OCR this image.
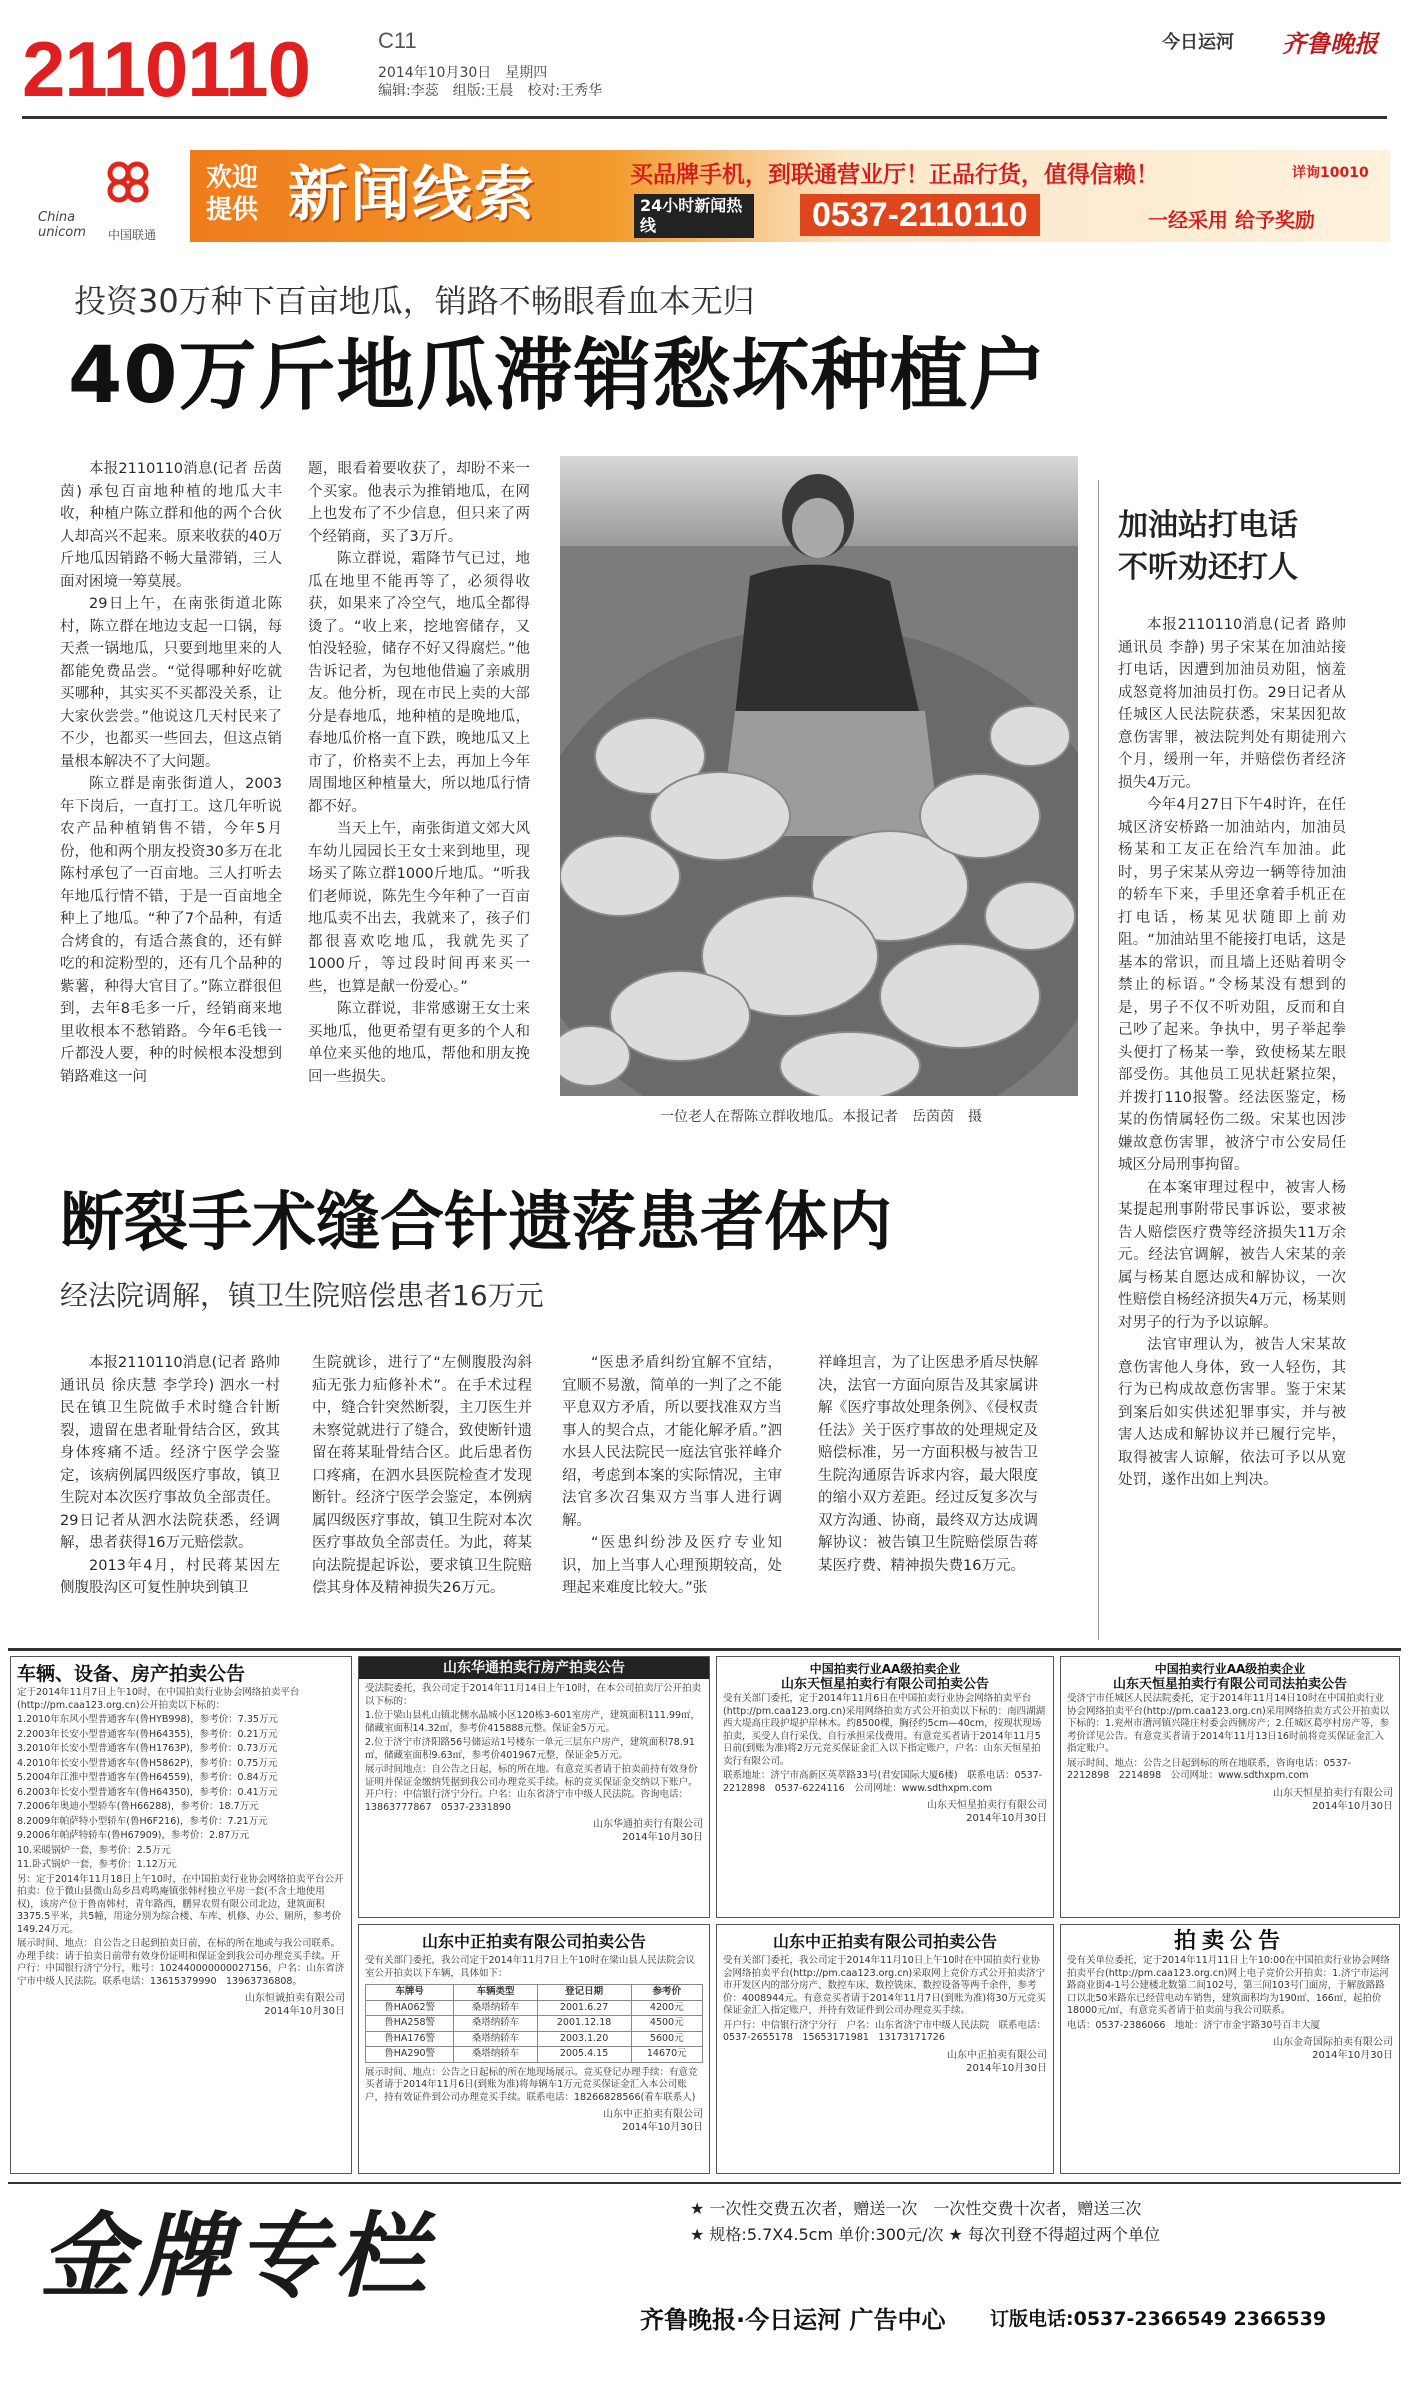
2110110	C11
2014年10月30日　星期四
编辑:李蕊　组版:王晨　校对:王秀华
今日运河 齐鲁晚报
China unicom	中国联通
欢迎提供 新闻线索	买品牌手机，到联通营业厅！正品行货，值得信赖！	详询10010
24小时新闻热线	0537-2110110	一经采用 给予奖励
投资30万种下百亩地瓜，销路不畅眼看血本无归
40万斤地瓜滞销愁坏种植户

本报2110110消息(记者 岳茵茵) 承包百亩地种植的地瓜大丰收，种植户陈立群和他的两个合伙人却高兴不起来。原来收获的40万斤地瓜因销路不畅大量滞销，三人面对困境一筹莫展。

29日上午，在南张街道北陈村，陈立群在地边支起一口锅，每天煮一锅地瓜，只要到地里来的人都能免费品尝。“觉得哪种好吃就买哪种，其实买不买都没关系，让大家伙尝尝。”他说这几天村民来了不少，也都买一些回去，但这点销量根本解决不了大问题。

陈立群是南张街道人，2003年下岗后，一直打工。这几年听说农产品种植销售不错，今年5月份，他和两个朋友投资30多万在北陈村承包了一百亩地。三人打听去年地瓜行情不错，于是一百亩地全种上了地瓜。“种了7个品种，有适合烤食的，有适合蒸食的，还有鲜吃的和淀粉型的，还有几个品种的紫薯，种得大官目了。”陈立群很但到，去年8毛多一斤，经销商来地里收根本不愁销路。今年6毛钱一斤都没人要，种的时候根本没想到销路难这一问

题，眼看着要收获了，却盼不来一个买家。他表示为推销地瓜，在网上也发布了不少信息，但只来了两个经销商，买了3万斤。

陈立群说，霜降节气已过，地瓜在地里不能再等了，必须得收获，如果来了冷空气，地瓜全都得烫了。“收上来，挖地窖储存，又怕没轻验，储存不好又得腐烂。”他告诉记者，为包地他借遍了亲戚朋友。他分析，现在市民上卖的大部分是春地瓜，地种植的是晚地瓜，春地瓜价格一直下跌，晚地瓜又上市了，价格卖不上去，再加上今年周围地区种植量大，所以地瓜行情都不好。

当天上午，南张街道文郊大风车幼儿园园长王女士来到地里，现场买了陈立群1000斤地瓜。“听我们老师说，陈先生今年种了一百亩地瓜卖不出去，我就来了，孩子们都很喜欢吃地瓜，我就先买了1000斤，等过段时间再来买一些，也算是献一份爱心。”

陈立群说，非常感谢王女士来买地瓜，他更希望有更多的个人和单位来买他的地瓜，帮他和朋友挽回一些损失。

一位老人在帮陈立群收地瓜。本报记者　岳茵茵　摄
加油站打电话
不听劝还打人

本报2110110消息(记者 路帅 通讯员 李静) 男子宋某在加油站接打电话，因遭到加油员劝阻，恼羞成怒竟将加油员打伤。29日记者从任城区人民法院获悉，宋某因犯故意伤害罪，被法院判处有期徒刑六个月，缓刑一年，并赔偿伤者经济损失4万元。

今年4月27日下午4时许，在任城区济安桥路一加油站内，加油员杨某和工友正在给汽车加油。此时，男子宋某从旁边一辆等待加油的轿车下来，手里还拿着手机正在打电话，杨某见状随即上前劝阻。“加油站里不能接打电话，这是基本的常识，而且墙上还贴着明令禁止的标语。”令杨某没有想到的是，男子不仅不听劝阻，反而和自己吵了起来。争执中，男子举起拳头便打了杨某一拳，致使杨某左眼部受伤。其他员工见状赶紧拉架，并拨打110报警。经法医鉴定，杨某的伤情属轻伤二级。宋某也因涉嫌故意伤害罪，被济宁市公安局任城区分局刑事拘留。

在本案审理过程中，被害人杨某提起刑事附带民事诉讼，要求被告人赔偿医疗费等经济损失11万余元。经法官调解，被告人宋某的亲属与杨某自愿达成和解协议，一次性赔偿自杨经济损失4万元，杨某则对男子的行为予以谅解。

法官审理认为，被告人宋某故意伤害他人身体，致一人轻伤，其行为已构成故意伤害罪。鉴于宋某到案后如实供述犯罪事实，并与被害人达成和解协议并已履行完毕，取得被害人谅解，依法可予以从宽处罚，遂作出如上判决。

断裂手术缝合针遗落患者体内
经法院调解，镇卫生院赔偿患者16万元

本报2110110消息(记者 路帅 通讯员 徐庆慧 李学玲) 泗水一村民在镇卫生院做手术时缝合针断裂，遗留在患者耻骨结合区，致其身体疼痛不适。经济宁医学会鉴定，该病例属四级医疗事故，镇卫生院对本次医疗事故负全部责任。29日记者从泗水法院获悉，经调解，患者获得16万元赔偿款。

2013年4月，村民蒋某因左侧腹股沟区可复性肿块到镇卫

生院就诊，进行了“左侧腹股沟斜疝无张力疝修补术”。在手术过程中，缝合针突然断裂，主刀医生并未察觉就进行了缝合，致使断针遗留在蒋某耻骨结合区。此后患者伤口疼痛，在泗水县医院检查才发现断针。经济宁医学会鉴定，本例病属四级医疗事故，镇卫生院对本次医疗事故负全部责任。为此，蒋某向法院提起诉讼，要求镇卫生院赔偿其身体及精神损失26万元。

“医患矛盾纠纷宜解不宜结，宜顺不易激，简单的一判了之不能平息双方矛盾，所以要找准双方当事人的契合点，才能化解矛盾。”泗水县人民法院民一庭法官张祥峰介绍，考虑到本案的实际情况，主审法官多次召集双方当事人进行调解。

“医患纠纷涉及医疗专业知识，加上当事人心理预期较高，处理起来难度比较大。”张

祥峰坦言，为了让医患矛盾尽快解决，法官一方面向原告及其家属讲解《医疗事故处理条例》、《侵权责任法》关于医疗事故的处理规定及赔偿标准，另一方面积极与被告卫生院沟通原告诉求内容，最大限度的缩小双方差距。经过反复多次与双方沟通、协商，最终双方达成调解协议：被告镇卫生院赔偿原告蒋某医疗费、精神损失费16万元。

车辆、设备、房产拍卖公告

定于2014年11月7日上午10时，在中国拍卖行业协会网络拍卖平台(http://pm.caa123.org.cn)公开拍卖以下标的：

1.2010年东风小型普通客车(鲁HYB998)，参考价：7.35万元

2.2003年长安小型普通客车(鲁H64355)，参考价：0.21万元

3.2010年长安小型普通客车(鲁H1763P)，参考价：0.73万元

4.2010年长安小型普通客车(鲁H5862P)，参考价：0.75万元

5.2004年江淮中型普通客车(鲁H64559)，参考价：0.84万元

6.2003年长安小型普通客车(鲁H64350)，参考价：0.41万元

7.2006年奥迪小型轿车(鲁H66288)，参考价：18.7万元

8.2009年帕萨特小型轿车(鲁H6F216)，参考价：7.21万元

9.2006年帕萨特轿车(鲁H67909)，参考价：2.87万元

10.采暖锅炉一套，参考价：2.5万元

11.卧式锅炉一套，参考价：1.12万元

另：定于2014年11月18日上午10时，在中国拍卖行业协会网络拍卖平台公开拍卖：位于微山县微山岛乡昌鸡鸣庵镇张韩村独立平房一套(不含土地使用权)，该房产位于鲁南韩村，青年路西，鹏昇农贸有限公司北边，建筑面积3375.5平米，共5幢，用途分别为综合楼、车库、机修、办公、厕所，参考价149.24万元。

展示时间、地点：自公告之日起到拍卖日前，在标的所在地或与我公司联系。办理手续：请于拍卖日前带有效身份证明和保证金到我公司办理竞买手续。开户行：中国银行济宁分行，账号：102440000000027156，户名：山东省济宁市中级人民法院。联系电话：13615379990　13963736808。

山东恒诚拍卖有限公司
2014年10月30日
山东华通拍卖行房产拍卖公告

受法院委托，我公司定于2014年11月14日上午10时，在本公司拍卖厅公开拍卖以下标的：

1.位于梁山县札山镇北侧水晶城小区120栋3-601室房产，建筑面积111.99㎡，储藏室面积14.32㎡，参考价415888元整。保证金5万元。

2.位于济宁市济阳路56号储运站1号楼东一单元三层东户房产，建筑面积78.91㎡，储藏室面积9.63㎡，参考价401967元整，保证金5万元。

展示时间地点：自公告之日起，标的所在地。有意竞买者请于拍卖前持有效身份证明并保证金缴纳凭据到我公司办理竞买手续。标的竞买保证金交纳以下账户。开户行：中信银行济宁分行。户名：山东省济宁市中级人民法院。咨询电话：13863777867　0537-2331890

山东华通拍卖行有限公司
2014年10月30日
中国拍卖行业AA级拍卖企业
山东天恒星拍卖行有限公司拍卖公告

受有关部门委托，定于2014年11月6日在中国拍卖行业协会网络拍卖平台(http://pm.caa123.org.cn)采用网络拍卖方式公开拍卖以下标的：南四湖湖西大堤高庄段护堤护岸林木。约8500棵，胸径约5cm—40cm，按现状现场拍卖，买受人自行采伐、自行承担采伐费用。有意竞买者请于2014年11月5日前(到账为准)将2万元竞买保证金汇入以下指定账户，户名：山东天恒星拍卖行有限公司。

联系地址：济宁市高新区英萃路33号(君安国际大厦6楼)　联系电话：0537-2212898　0537-6224116　公司网址：www.sdthxpm.com

山东天恒星拍卖行有限公司
2014年10月30日
中国拍卖行业AA级拍卖企业
山东天恒星拍卖行有限公司司法拍卖公告

受济宁市任城区人民法院委托，定于2014年11月14日10时在中国拍卖行业协会网络拍卖平台(http://pm.caa123.org.cn)采用网络拍卖方式公开拍卖以下标的：1.兖州市漕河镇兴隆庄村委会西侧房产；2.任城区葛亭村房产等，参考价详见公告。有意竞买者请于2014年11月13日16时前将竞买保证金汇入指定账户。

展示时间、地点：公告之日起到标的所在地联系，咨询电话：0537-2212898　2214898　公司网址：www.sdthxpm.com

山东天恒星拍卖行有限公司
2014年10月30日
山东中正拍卖有限公司拍卖公告

受有关部门委托，我公司定于2014年11月7日上午10时在梁山县人民法院会议室公开拍卖以下车辆，具体如下：

车牌号	车辆类型	登记日期	参考价
鲁HA062警	桑塔纳轿车	2001.6.27	4200元
鲁HA258警	桑塔纳轿车	2001.12.18	4500元
鲁HA176警	桑塔纳轿车	2003.1.20	5600元
鲁HA290警	桑塔纳轿车	2005.4.15	14670元

展示时间、地点：公告之日起标的所在地现场展示。竞买登记办理手续：有意竞买者请于2014年11月6日(到账为准)将每辆车1万元竞买保证金汇入本公司账户，持有效证件到公司办理竞买手续。联系电话：18266828566(看车联系人)

山东中正拍卖有限公司
2014年10月30日
山东中正拍卖有限公司拍卖公告

受有关部门委托，我公司定于2014年11月10日上午10时在中国拍卖行业协会网络拍卖平台(http://pm.caa123.org.cn)采取网上竞价方式公开拍卖济宁市开发区内的部分房产、数控车床、数控铣床、数控设备等两千余件，参考价：4008944元。有意竞买者请于2014年11月7日(到账为准)将30万元竞买保证金汇入指定账户，并持有效证件到公司办理竞买手续。

开户行：中信银行济宁分行　户名：山东省济宁市中级人民法院　联系电话：0537-2655178　15653171981　13173171726

山东中正拍卖有限公司
2014年10月30日
拍卖公告

受有关单位委托，定于2014年11月11日上午10:00在中国拍卖行业协会网络拍卖平台(http://pm.caa123.org.cn)网上电子竞价公开拍卖：1.济宁市运河路商业街4-1号公建楼北数第二间102号，第三间103号门面房，于解放路路口以北50米路东已经营电动车销售，建筑面积均为190㎡、166㎡，起拍价18000元/㎡，有意竞买者请于拍卖前与我公司联系。

电话：0537-2386066　地址：济宁市金宇路30号百丰大厦

山东金奇国际拍卖有限公司
2014年10月30日
金牌专栏	★ 一次性交费五次者，赠送一次　一次性交费十次者，赠送三次
★ 规格:5.7X4.5cm 单价:300元/次 ★ 每次刊登不得超过两个单位
齐鲁晚报·今日运河 广告中心 订版电话:0537-2366549 2366539
